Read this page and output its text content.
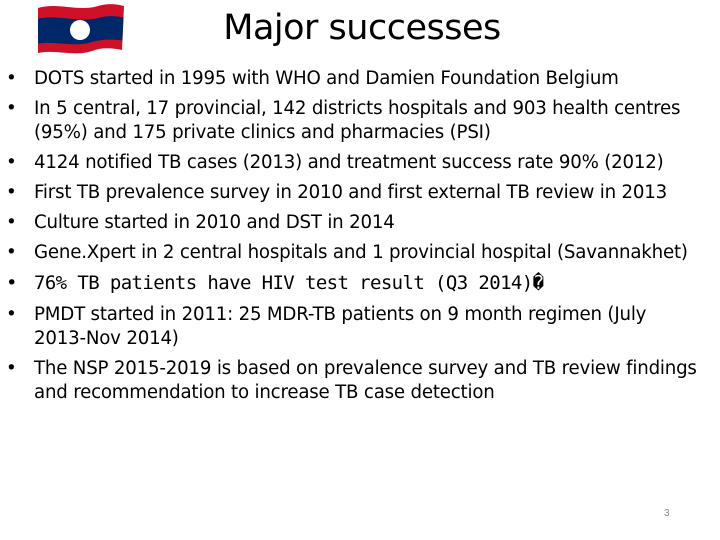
Major successes
• DOTS started in 1995 with WHO and Damien Foundation Belgium
• In 5 central, 17 provincial, 142 districts hospitals and 903 health centres (95%) and 175 private clinics and pharmacies (PSI)
• 4124 notified TB cases (2013) and treatment success rate 90% (2012)
• First TB prevalence survey in 2010 and first external TB review in 2013
• Culture started in 2010 and DST in 2014
• Gene.Xpert in 2 central hospitals and 1 provincial hospital (Savannakhet)
• 76% TB patients have HIV test result (Q3 2014)�
• PMDT started in 2011: 25 MDR-TB patients on 9 month regimen (July 2013-Nov 2014)
• The NSP 2015-2019 is based on prevalence survey and TB review findings and recommendation to increase TB case detection
3
